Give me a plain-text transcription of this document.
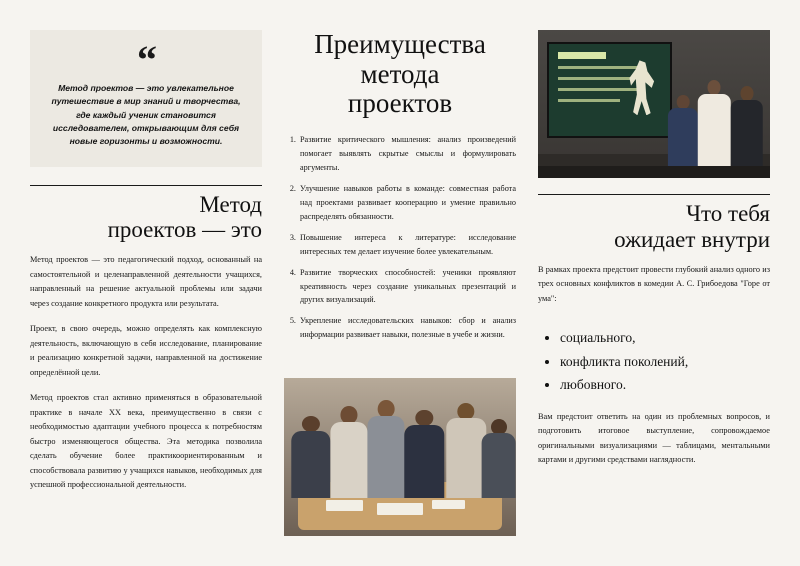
“
Метод проектов — это увлекательное путешествие в мир знаний и творчества, где каждый ученик становится исследователем, открывающим для себя новые горизонты и возможности.
Метод
проектов — это

Метод проектов — это педагогический подход, основанный на самостоятельной и целенаправленной деятельности учащихся, направленный на решение актуальной проблемы или задачи через создание конкретного продукта или результата.

Проект, в свою очередь, можно определять как комплексную деятельность, включающую в себя исследование, планирование и реализацию конкретной задачи, направленной на достижение определённой цели.

Метод проектов стал активно применяться в образовательной практике в начале XX века, преимущественно в связи с необходимостью адаптации учебного процесса к потребностям быстро изменяющегося общества. Эта методика позволила сделать обучение более практикоориентированным и способствовала развитию у учащихся навыков, необходимых для успешной профессиональной деятельности.

Преимущества
метода
проектов
1. Развитие критического мышления: анализ произведений помогает выявлять скрытые смыслы и формулировать аргументы.
2. Улучшение навыков работы в команде: совместная работа над проектами развивает кооперацию и умение правильно распределять обязанности.
3. Повышение интереса к литературе: исследование интересных тем делает изучение более увлекательным.
4. Развитие творческих способностей: ученики проявляют креативность через создание уникальных презентаций и других визуализаций.
5. Укрепление исследовательских навыков: сбор и анализ информации развивает навыки, полезные в учебе и жизни.
Что тебя
ожидает внутри

В рамках проекта предстоит провести глубокий анализ одного из трех основных конфликтов в комедии А. С. Грибоедова "Горе от ума":

• социального,
• конфликта поколений,
• любовного.

Вам предстоит ответить на один из проблемных вопросов, и подготовить итоговое выступление, сопровождаемое оригинальными визуализациями — таблицами, ментальными картами и другими средствами наглядности.
